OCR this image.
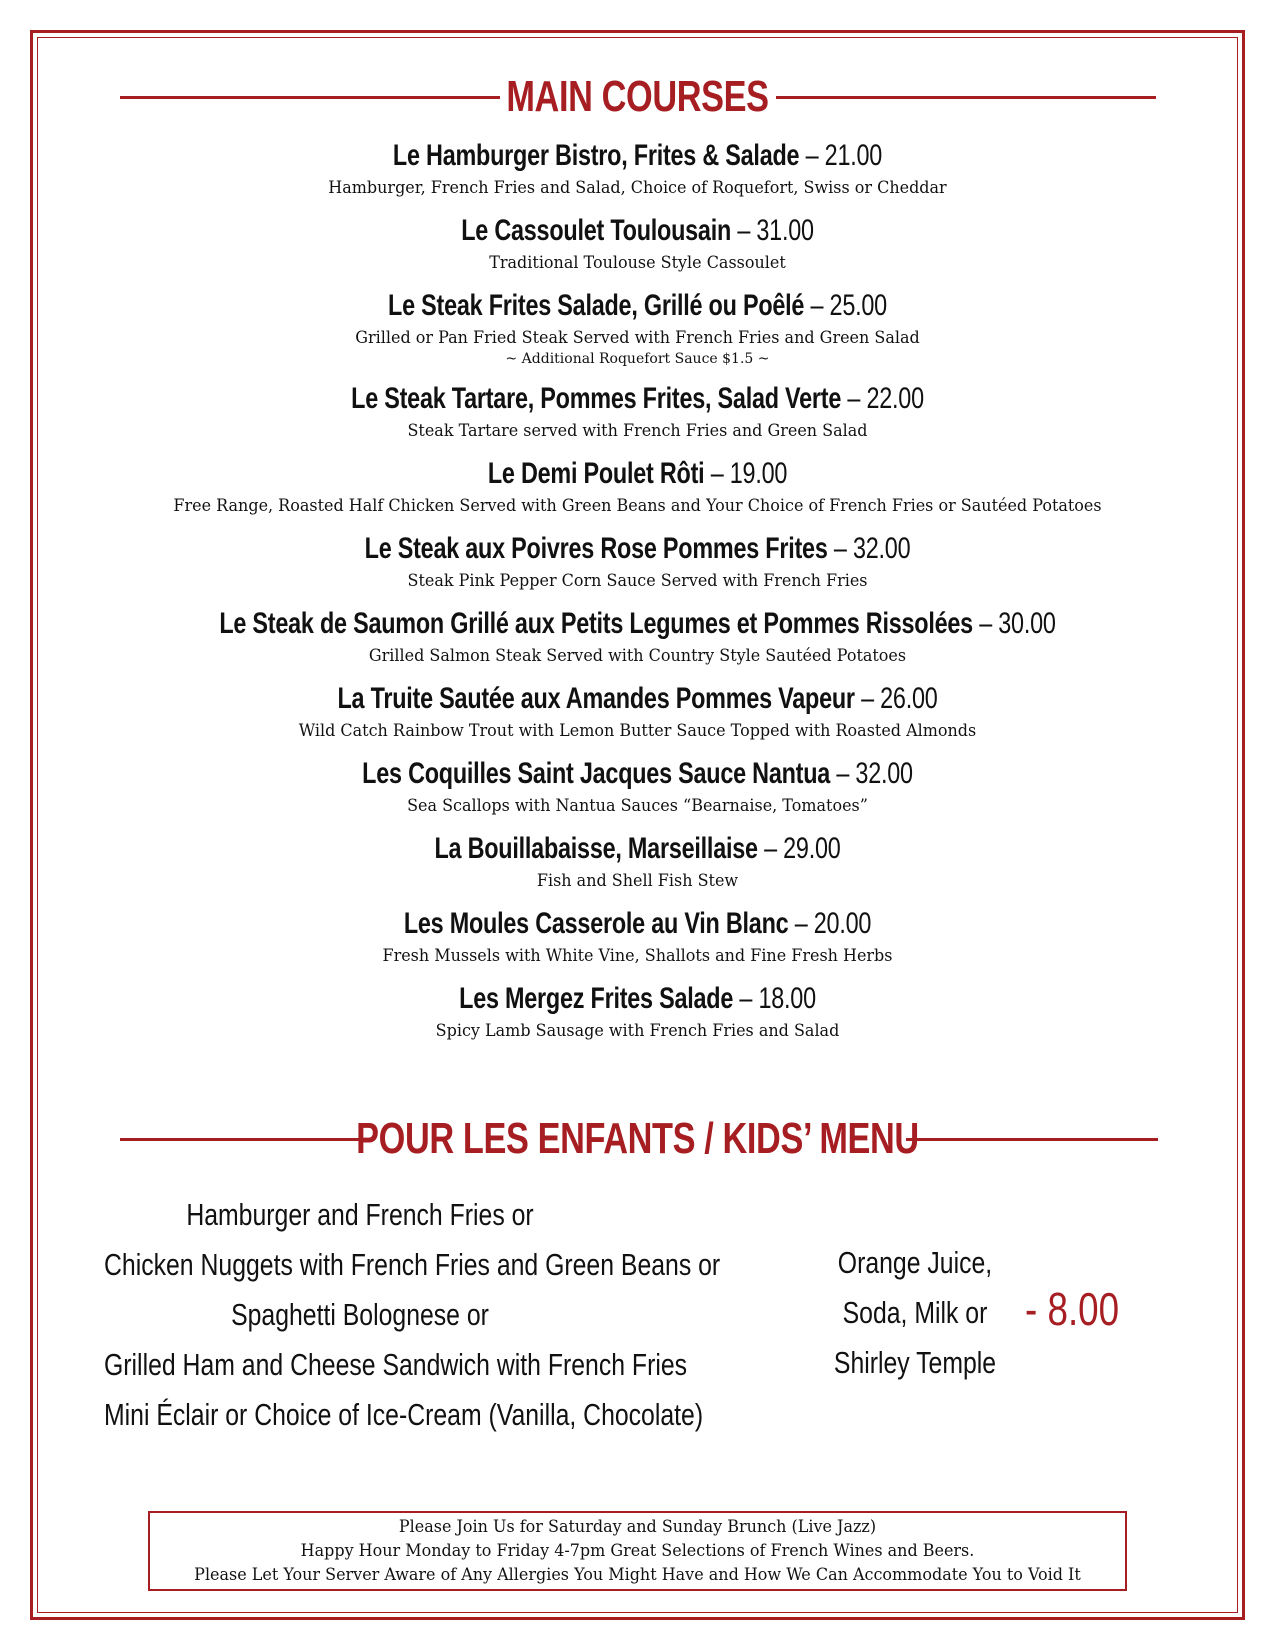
MAIN COURSES
Le Hamburger Bistro, Frites & Salade – 21.00
Hamburger, French Fries and Salad, Choice of Roquefort, Swiss or Cheddar
Le Cassoulet Toulousain – 31.00
Traditional Toulouse Style Cassoulet
Le Steak Frites Salade, Grillé ou Poêlé – 25.00
Grilled or Pan Fried Steak Served with French Fries and Green Salad
~ Additional Roquefort Sauce $1.5 ~
Le Steak Tartare, Pommes Frites, Salad Verte – 22.00
Steak Tartare served with French Fries and Green Salad
Le Demi Poulet Rôti – 19.00
Free Range, Roasted Half Chicken Served with Green Beans and Your Choice of French Fries or Sautéed Potatoes
Le Steak aux Poivres Rose Pommes Frites – 32.00
Steak Pink Pepper Corn Sauce Served with French Fries
Le Steak de Saumon Grillé aux Petits Legumes et Pommes Rissolées – 30.00
Grilled Salmon Steak Served with Country Style Sautéed Potatoes
La Truite Sautée aux Amandes Pommes Vapeur – 26.00
Wild Catch Rainbow Trout with Lemon Butter Sauce Topped with Roasted Almonds
Les Coquilles Saint Jacques Sauce Nantua – 32.00
Sea Scallops with Nantua Sauces “Bearnaise, Tomatoes”
La Bouillabaisse, Marseillaise – 29.00
Fish and Shell Fish Stew
Les Moules Casserole au Vin Blanc – 20.00
Fresh Mussels with White Vine, Shallots and Fine Fresh Herbs
Les Mergez Frites Salade – 18.00
Spicy Lamb Sausage with French Fries and Salad
POUR LES ENFANTS / KIDS’ MENU
Hamburger and French Fries or
Chicken Nuggets with French Fries and Green Beans or
Spaghetti Bolognese or
Grilled Ham and Cheese Sandwich with French Fries
Mini Éclair or Choice of Ice-Cream (Vanilla, Chocolate)
Orange Juice,
Soda, Milk or
Shirley Temple
- 8.00
Please Join Us for Saturday and Sunday Brunch (Live Jazz)
Happy Hour Monday to Friday 4-7pm Great Selections of French Wines and Beers.
Please Let Your Server Aware of Any Allergies You Might Have and How We Can Accommodate You to Void It
